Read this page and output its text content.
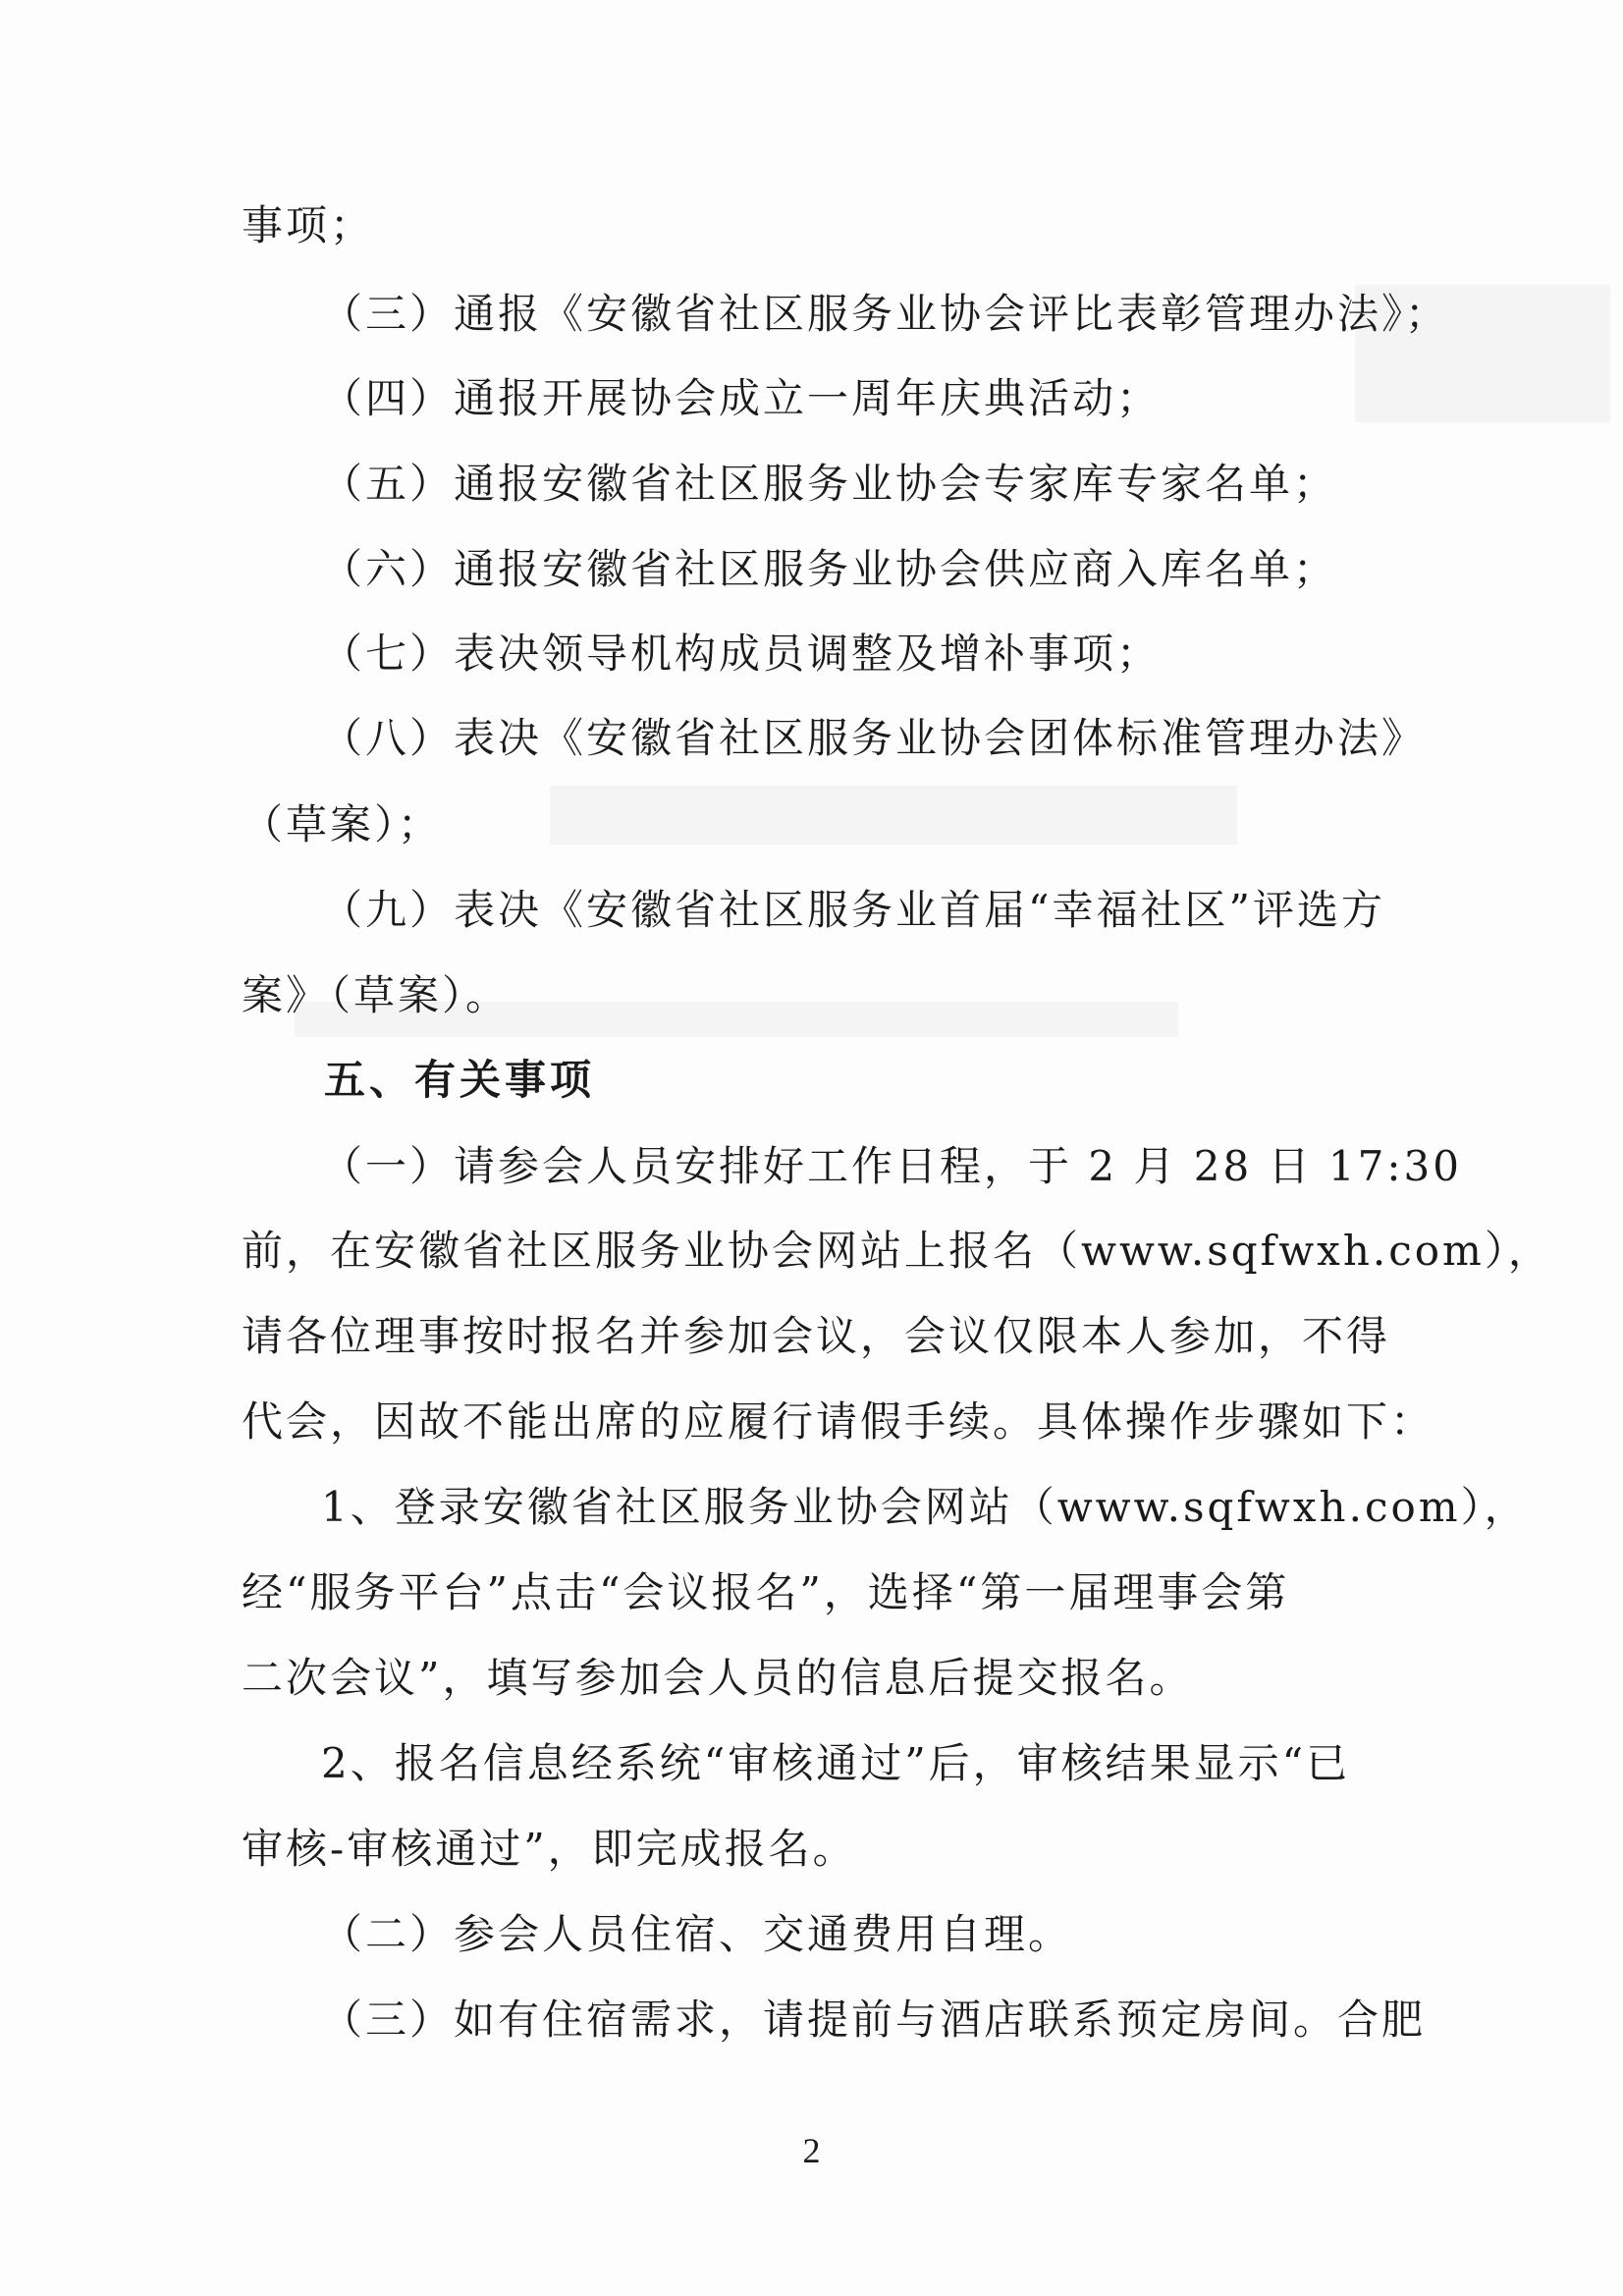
事项；
（三）通报《安徽省社区服务业协会评比表彰管理办法》；
（四）通报开展协会成立一周年庆典活动；
（五）通报安徽省社区服务业协会专家库专家名单；
（六）通报安徽省社区服务业协会供应商入库名单；
（七）表决领导机构成员调整及增补事项；
（八）表决《安徽省社区服务业协会团体标准管理办法》
（草案）；
（九）表决《安徽省社区服务业首届“幸福社区”评选方
案》（草案）。
五、有关事项
（一）请参会人员安排好工作日程，于 2 月 28 日 17:30
前，在安徽省社区服务业协会网站上报名（www.sqfwxh.com），
请各位理事按时报名并参加会议，会议仅限本人参加，不得
代会，因故不能出席的应履行请假手续。具体操作步骤如下：
1、登录安徽省社区服务业协会网站（www.sqfwxh.com），
经“服务平台”点击“会议报名”，选择“第一届理事会第
二次会议”，填写参加会人员的信息后提交报名。
2、报名信息经系统“审核通过”后，审核结果显示“已
审核-审核通过”，即完成报名。
（二）参会人员住宿、交通费用自理。
（三）如有住宿需求，请提前与酒店联系预定房间。合肥
2
